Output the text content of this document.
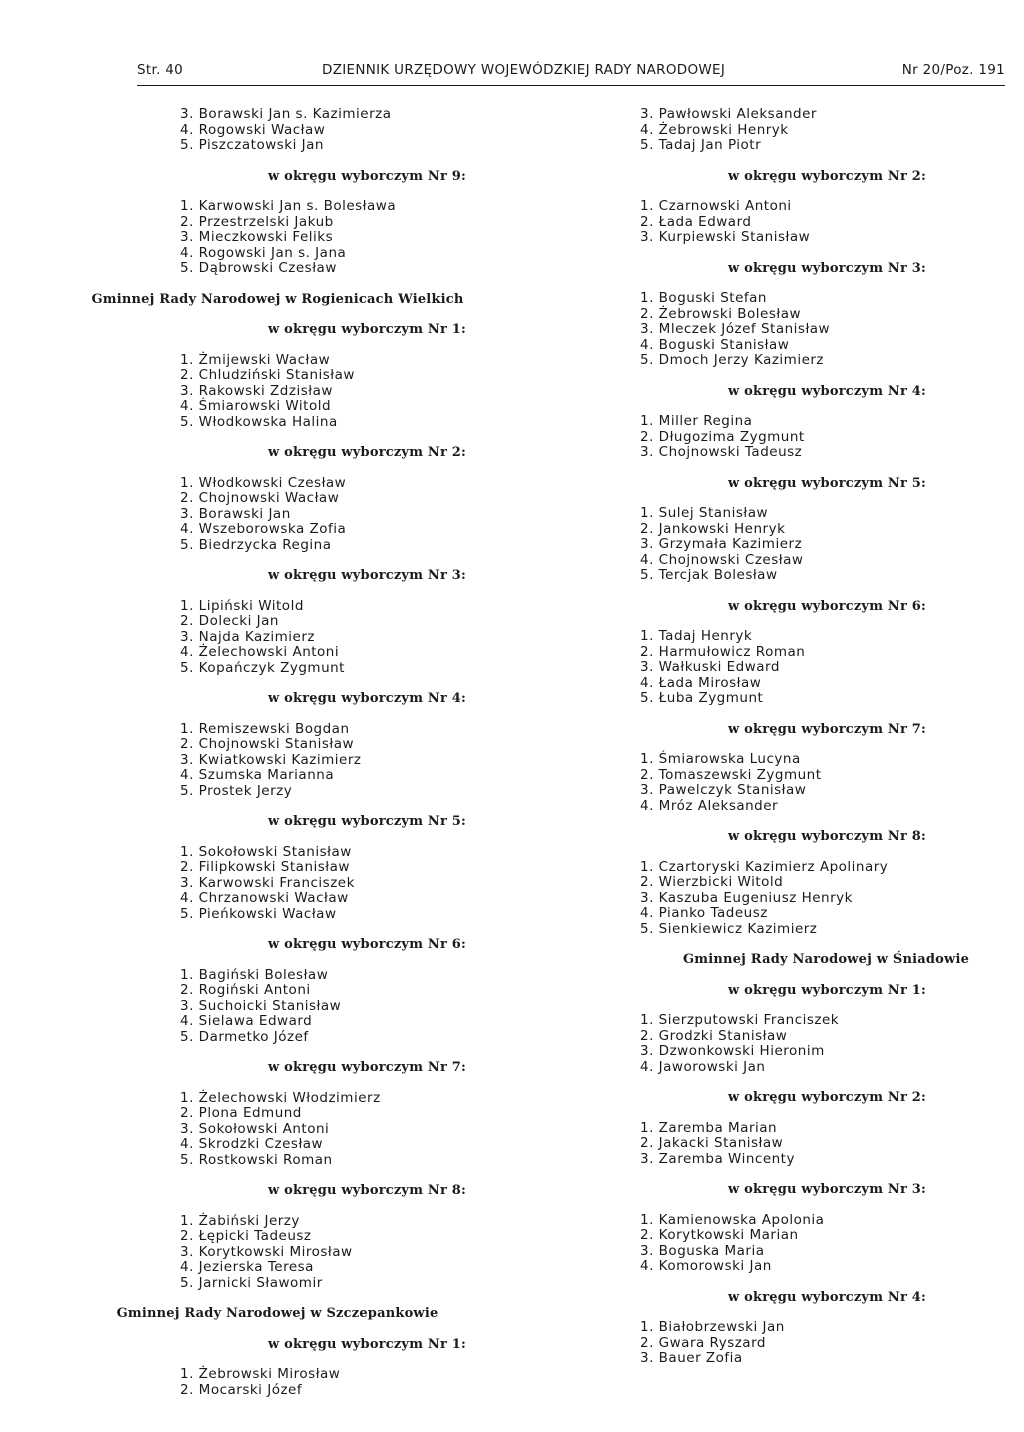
Str. 40	DZIENNIK URZĘDOWY WOJEWÓDZKIEJ RADY NARODOWEJ	Nr 20/Poz. 191
3. Borawski Jan s. Kazimierza
4. Rogowski Wacław
5. Piszczatowski Jan
w okręgu wyborczym Nr 9:
1. Karwowski Jan s. Bolesława
2. Przestrzelski Jakub
3. Mieczkowski Feliks
4. Rogowski Jan s. Jana
5. Dąbrowski Czesław
Gminnej Rady Narodowej w Rogienicach Wielkich
w okręgu wyborczym Nr 1:
1. Żmijewski Wacław
2. Chludziński Stanisław
3. Rakowski Zdzisław
4. Śmiarowski Witold
5. Włodkowska Halina
w okręgu wyborczym Nr 2:
1. Włodkowski Czesław
2. Chojnowski Wacław
3. Borawski Jan
4. Wszeborowska Zofia
5. Biedrzycka Regina
w okręgu wyborczym Nr 3:
1. Lipiński Witold
2. Dolecki Jan
3. Najda Kazimierz
4. Żelechowski Antoni
5. Kopańczyk Zygmunt
w okręgu wyborczym Nr 4:
1. Remiszewski Bogdan
2. Chojnowski Stanisław
3. Kwiatkowski Kazimierz
4. Szumska Marianna
5. Prostek Jerzy
w okręgu wyborczym Nr 5:
1. Sokołowski Stanisław
2. Filipkowski Stanisław
3. Karwowski Franciszek
4. Chrzanowski Wacław
5. Pieńkowski Wacław
w okręgu wyborczym Nr 6:
1. Bagiński Bolesław
2. Rogiński Antoni
3. Suchoicki Stanisław
4. Sielawa Edward
5. Darmetko Józef
w okręgu wyborczym Nr 7:
1. Żelechowski Włodzimierz
2. Plona Edmund
3. Sokołowski Antoni
4. Skrodzki Czesław
5. Rostkowski Roman
w okręgu wyborczym Nr 8:
1. Żabiński Jerzy
2. Łępicki Tadeusz
3. Korytkowski Mirosław
4. Jezierska Teresa
5. Jarnicki Sławomir
Gminnej Rady Narodowej w Szczepankowie
w okręgu wyborczym Nr 1:
1. Żebrowski Mirosław
2. Mocarski Józef
3. Pawłowski Aleksander
4. Żebrowski Henryk
5. Tadaj Jan Piotr
w okręgu wyborczym Nr 2:
1. Czarnowski Antoni
2. Łada Edward
3. Kurpiewski Stanisław
w okręgu wyborczym Nr 3:
1. Boguski Stefan
2. Żebrowski Bolesław
3. Mleczek Józef Stanisław
4. Boguski Stanisław
5. Dmoch Jerzy Kazimierz
w okręgu wyborczym Nr 4:
1. Miller Regina
2. Długozima Zygmunt
3. Chojnowski Tadeusz
w okręgu wyborczym Nr 5:
1. Sulej Stanisław
2. Jankowski Henryk
3. Grzymała Kazimierz
4. Chojnowski Czesław
5. Tercjak Bolesław
w okręgu wyborczym Nr 6:
1. Tadaj Henryk
2. Harmułowicz Roman
3. Wałkuski Edward
4. Łada Mirosław
5. Łuba Zygmunt
w okręgu wyborczym Nr 7:
1. Śmiarowska Lucyna
2. Tomaszewski Zygmunt
3. Pawelczyk Stanisław
4. Mróz Aleksander
w okręgu wyborczym Nr 8:
1. Czartoryski Kazimierz Apolinary
2. Wierzbicki Witold
3. Kaszuba Eugeniusz Henryk
4. Pianko Tadeusz
5. Sienkiewicz Kazimierz
Gminnej Rady Narodowej w Śniadowie
w okręgu wyborczym Nr 1:
1. Sierzputowski Franciszek
2. Grodzki Stanisław
3. Dzwonkowski Hieronim
4. Jaworowski Jan
w okręgu wyborczym Nr 2:
1. Zaremba Marian
2. Jakacki Stanisław
3. Zaremba Wincenty
w okręgu wyborczym Nr 3:
1. Kamienowska Apolonia
2. Korytkowski Marian
3. Boguska Maria
4. Komorowski Jan
w okręgu wyborczym Nr 4:
1. Białobrzewski Jan
2. Gwara Ryszard
3. Bauer Zofia
